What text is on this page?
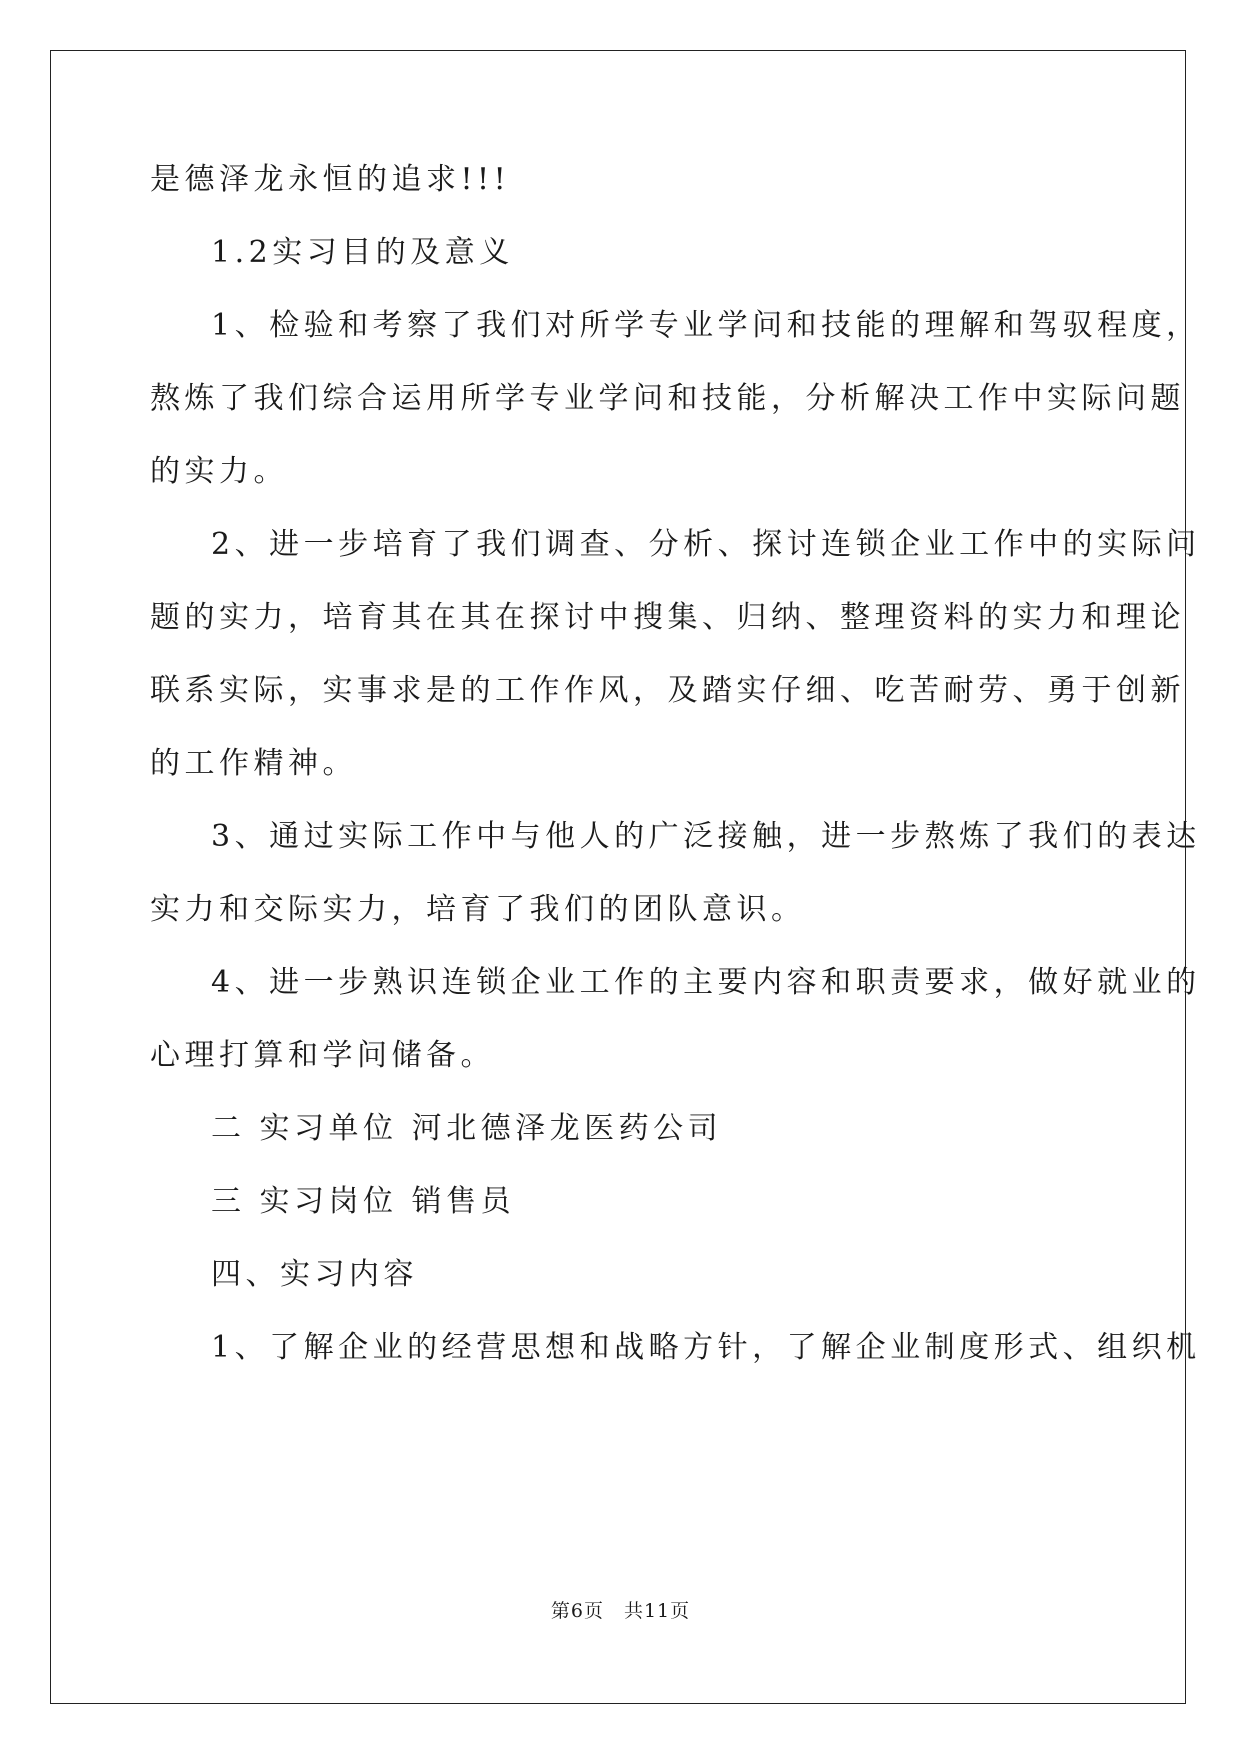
是德泽龙永恒的追求!!!
1.2实习目的及意义
1、检验和考察了我们对所学专业学问和技能的理解和驾驭程度，
熬炼了我们综合运用所学专业学问和技能，分析解决工作中实际问题
的实力。
2、进一步培育了我们调查、分析、探讨连锁企业工作中的实际问
题的实力，培育其在其在探讨中搜集、归纳、整理资料的实力和理论
联系实际，实事求是的工作作风，及踏实仔细、吃苦耐劳、勇于创新
的工作精神。
3、通过实际工作中与他人的广泛接触，进一步熬炼了我们的表达
实力和交际实力，培育了我们的团队意识。
4、进一步熟识连锁企业工作的主要内容和职责要求，做好就业的
心理打算和学问储备。
二 实习单位 河北德泽龙医药公司
三 实习岗位 销售员
四、实习内容
1、了解企业的经营思想和战略方针，了解企业制度形式、组织机
第6页　共11页
